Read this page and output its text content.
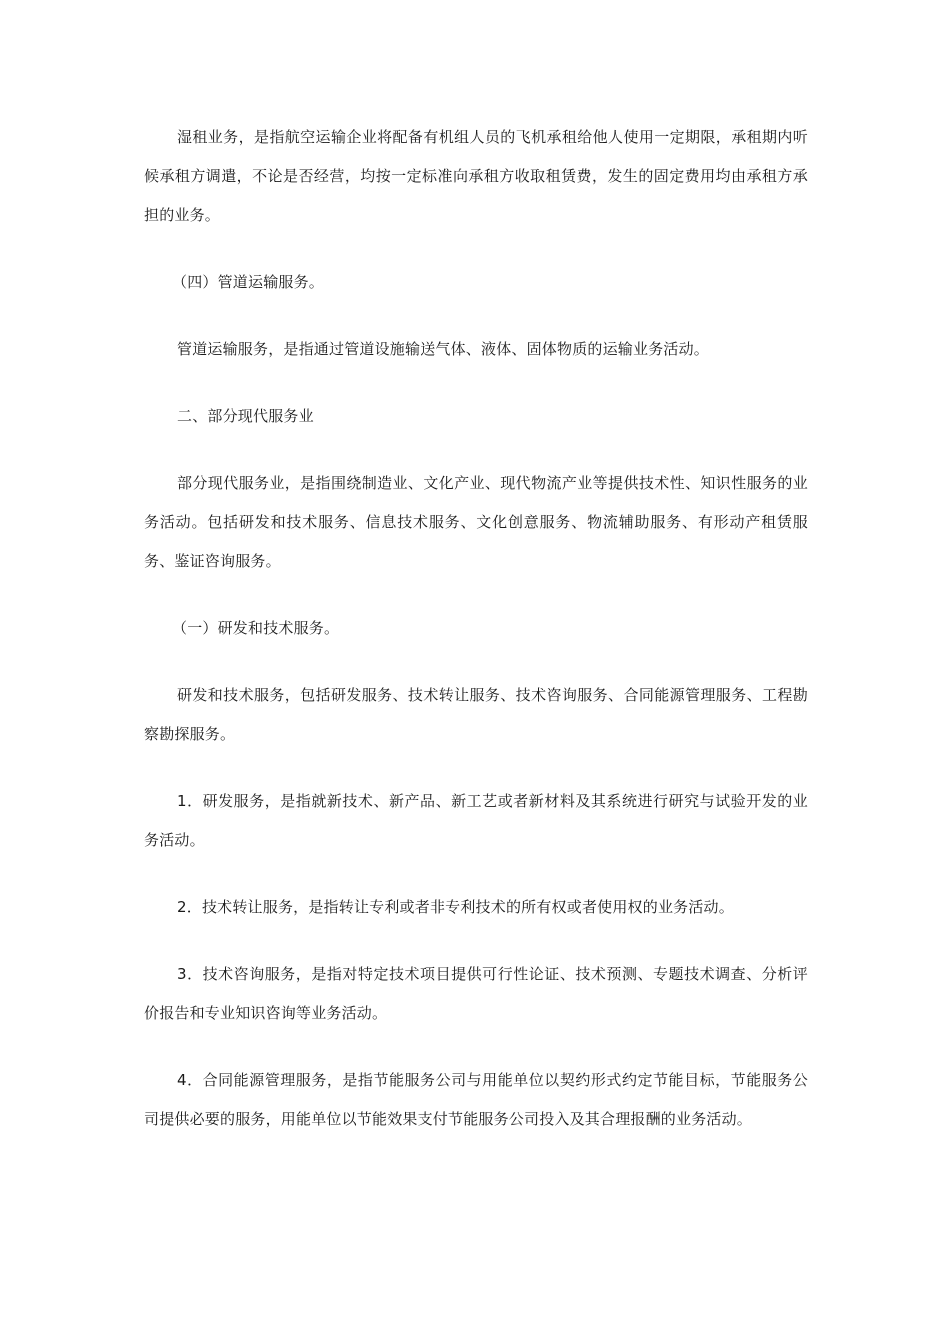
湿租业务，是指航空运输企业将配备有机组人员的飞机承租给他人使用一定期限，承租期内听候承租方调遣，不论是否经营，均按一定标准向承租方收取租赁费，发生的固定费用均由承租方承担的业务。

（四）管道运输服务。

管道运输服务，是指通过管道设施输送气体、液体、固体物质的运输业务活动。

二、部分现代服务业

部分现代服务业，是指围绕制造业、文化产业、现代物流产业等提供技术性、知识性服务的业务活动。包括研发和技术服务、信息技术服务、文化创意服务、物流辅助服务、有形动产租赁服务、鉴证咨询服务。

（一）研发和技术服务。

研发和技术服务，包括研发服务、技术转让服务、技术咨询服务、合同能源管理服务、工程勘察勘探服务。

1．研发服务，是指就新技术、新产品、新工艺或者新材料及其系统进行研究与试验开发的业务活动。

2．技术转让服务，是指转让专利或者非专利技术的所有权或者使用权的业务活动。

3．技术咨询服务，是指对特定技术项目提供可行性论证、技术预测、专题技术调查、分析评价报告和专业知识咨询等业务活动。

4．合同能源管理服务，是指节能服务公司与用能单位以契约形式约定节能目标，节能服务公司提供必要的服务，用能单位以节能效果支付节能服务公司投入及其合理报酬的业务活动。
